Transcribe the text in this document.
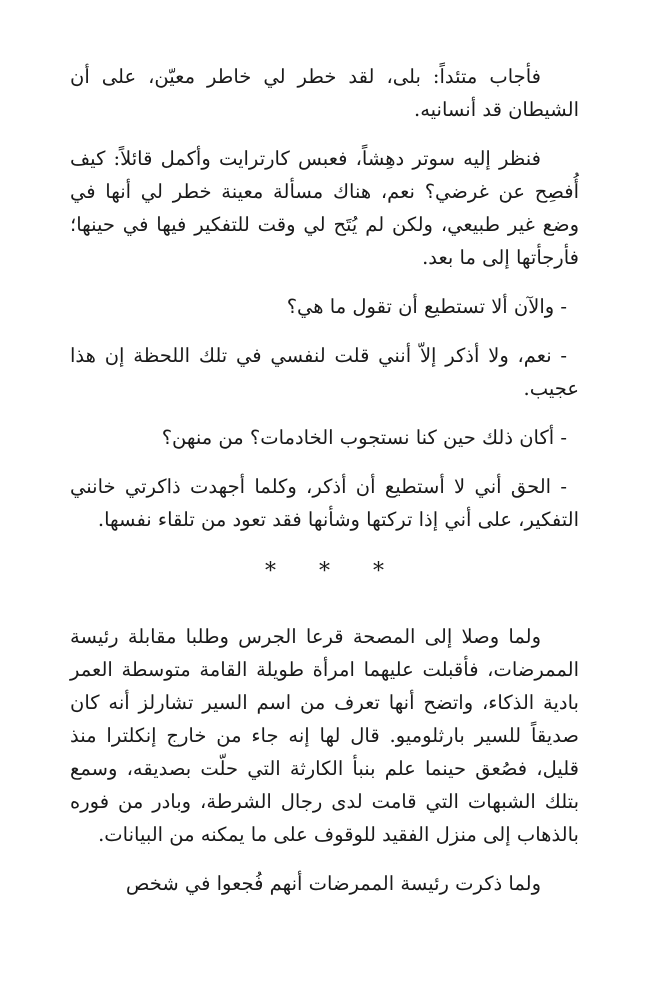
فأجاب متئداً: بلى، لقد خطر لي خاطر معيّن، على أن الشيطان قد أنسانيه.

فنظر إليه سوتر دهِشاً، فعبس كارترايت وأكمل قائلاً: كيف أُفصِح عن غرضي؟ نعم، هناك مسألة معينة خطر لي أنها في وضع غير طبيعي، ولكن لم يُتَح لي وقت للتفكير فيها في حينها؛ فأرجأتها إلى ما بعد.

- والآن ألا تستطيع أن تقول ما هي؟

- نعم، ولا أذكر إلاّ أنني قلت لنفسي في تلك اللحظة إن هذا عجيب.

- أكان ذلك حين كنا نستجوب الخادمات؟ من منهن؟

- الحق أني لا أستطيع أن أذكر، وكلما أجهدت ذاكرتي خانني التفكير، على أني إذا تركتها وشأنها فقد تعود من تلقاء نفسها.

* * *

ولما وصلا إلى المصحة قرعا الجرس وطلبا مقابلة رئيسة الممرضات، فأقبلت عليهما امرأة طويلة القامة متوسطة العمر بادية الذكاء، واتضح أنها تعرف من اسم السير تشارلز أنه كان صديقاً للسير بارثلوميو. قال لها إنه جاء من خارج إنكلترا منذ قليل، فصُعق حينما علم بنبأ الكارثة التي حلّت بصديقه، وسمع بتلك الشبهات التي قامت لدى رجال الشرطة، وبادر من فوره بالذهاب إلى منزل الفقيد للوقوف على ما يمكنه من البيانات.

ولما ذكرت رئيسة الممرضات أنهم فُجعوا في شخص
